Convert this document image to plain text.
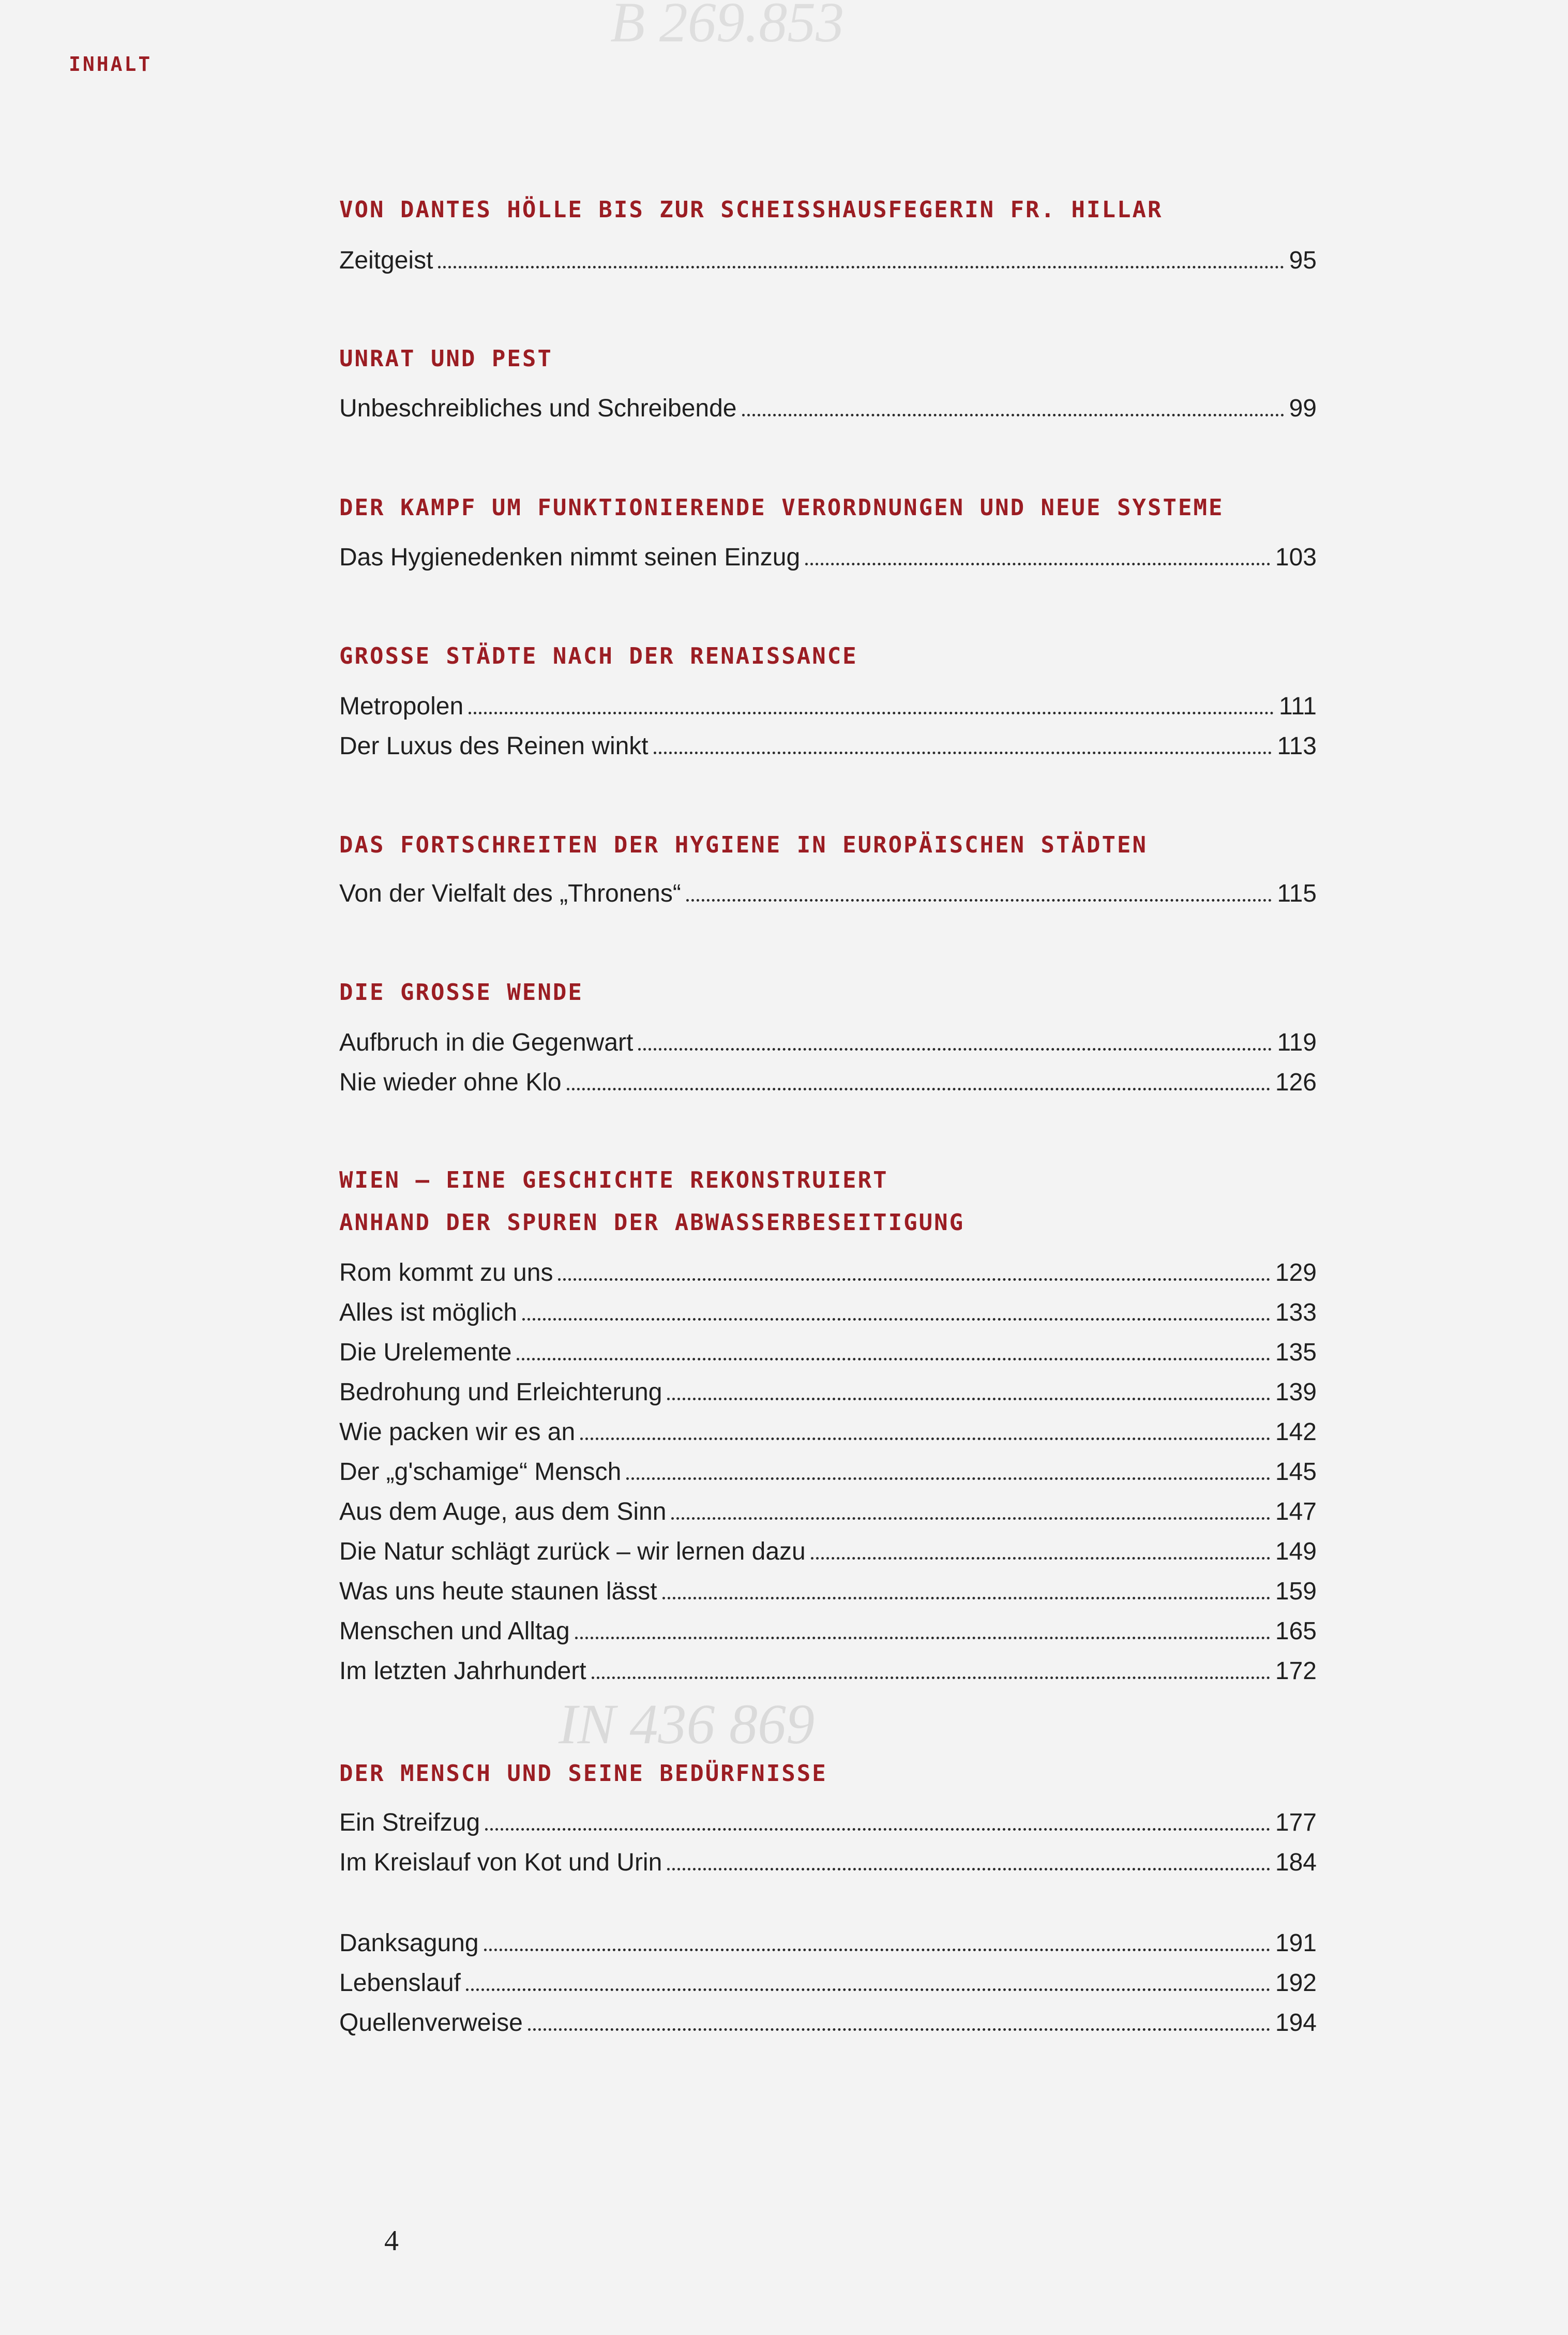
B 269.853
IN 436 869
INHALT
VON DANTES HÖLLE BIS ZUR SCHEISSHAUSFEGERIN FR. HILLAR
Zeitgeist	95
UNRAT UND PEST
Unbeschreibliches und Schreibende	99
DER KAMPF UM FUNKTIONIERENDE VERORDNUNGEN UND NEUE SYSTEME
Das Hygienedenken nimmt seinen Einzug	103
GROSSE STÄDTE NACH DER RENAISSANCE
Metropolen	111
Der Luxus des Reinen winkt	113
DAS FORTSCHREITEN DER HYGIENE IN EUROPÄISCHEN STÄDTEN
Von der Vielfalt des „Thronens“	115
DIE GROSSE WENDE
Aufbruch in die Gegenwart	119
Nie wieder ohne Klo	126
WIEN – EINE GESCHICHTE REKONSTRUIERT
ANHAND DER SPUREN DER ABWASSERBESEITIGUNG
Rom kommt zu uns	129
Alles ist möglich	133
Die Urelemente	135
Bedrohung und Erleichterung	139
Wie packen wir es an	142
Der „g'schamige“ Mensch	145
Aus dem Auge, aus dem Sinn	147
Die Natur schlägt zurück – wir lernen dazu	149
Was uns heute staunen lässt	159
Menschen und Alltag	165
Im letzten Jahrhundert	172
DER MENSCH UND SEINE BEDÜRFNISSE
Ein Streifzug	177
Im Kreislauf von Kot und Urin	184
Danksagung	191
Lebenslauf	192
Quellenverweise	194
4
